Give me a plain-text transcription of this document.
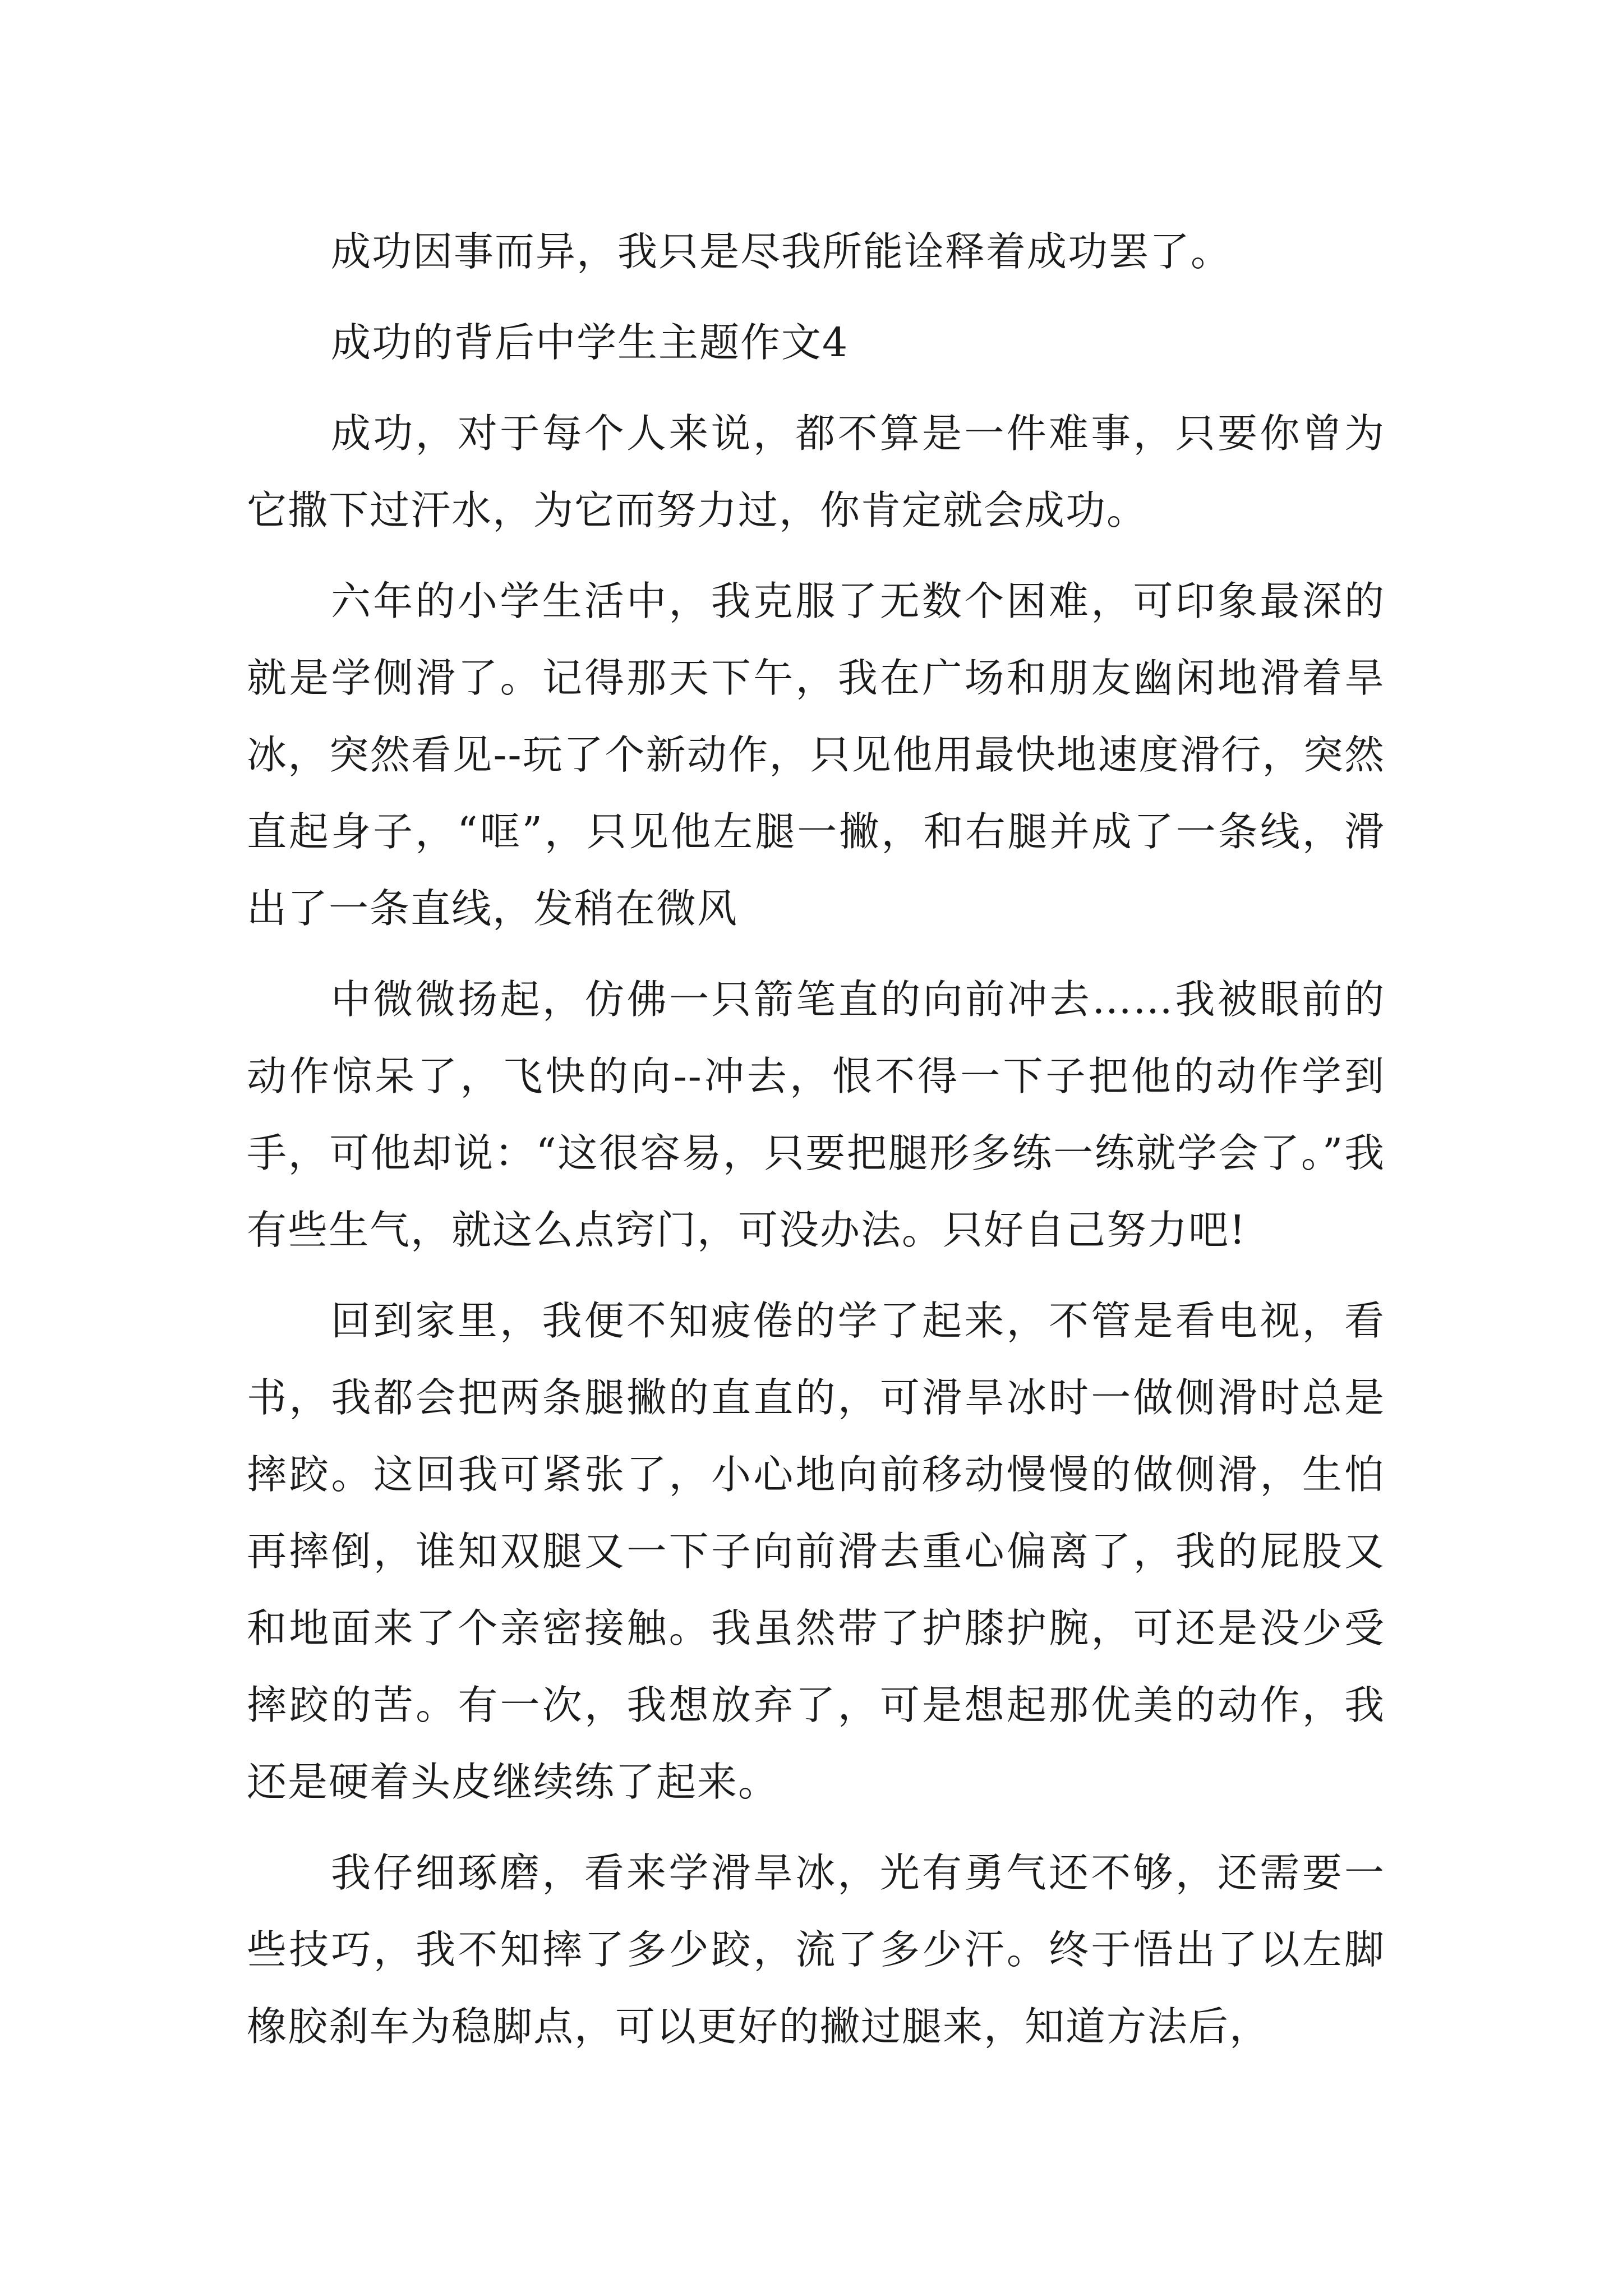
成功因事而异，我只是尽我所能诠释着成功罢了。

成功的背后中学生主题作文4

成功，对于每个人来说，都不算是一件难事，只要你曾为它撒下过汗水，为它而努力过，你肯定就会成功。

六年的小学生活中，我克服了无数个困难，可印象最深的就是学侧滑了。记得那天下午，我在广场和朋友幽闲地滑着旱冰，突然看见--玩了个新动作，只见他用最快地速度滑行，突然直起身子，“哐”，只见他左腿一撇，和右腿并成了一条线，滑出了一条直线，发稍在微风

中微微扬起，仿佛一只箭笔直的向前冲去……我被眼前的动作惊呆了，飞快的向--冲去，恨不得一下子把他的动作学到手，可他却说：“这很容易，只要把腿形多练一练就学会了。”我有些生气，就这么点窍门，可没办法。只好自己努力吧!

回到家里，我便不知疲倦的学了起来，不管是看电视，看书，我都会把两条腿撇的直直的，可滑旱冰时一做侧滑时总是摔跤。这回我可紧张了，小心地向前移动慢慢的做侧滑，生怕再摔倒，谁知双腿又一下子向前滑去重心偏离了，我的屁股又和地面来了个亲密接触。我虽然带了护膝护腕，可还是没少受摔跤的苦。有一次，我想放弃了，可是想起那优美的动作，我还是硬着头皮继续练了起来。

我仔细琢磨，看来学滑旱冰，光有勇气还不够，还需要一些技巧，我不知摔了多少跤，流了多少汗。终于悟出了以左脚橡胶刹车为稳脚点，可以更好的撇过腿来，知道方法后，
